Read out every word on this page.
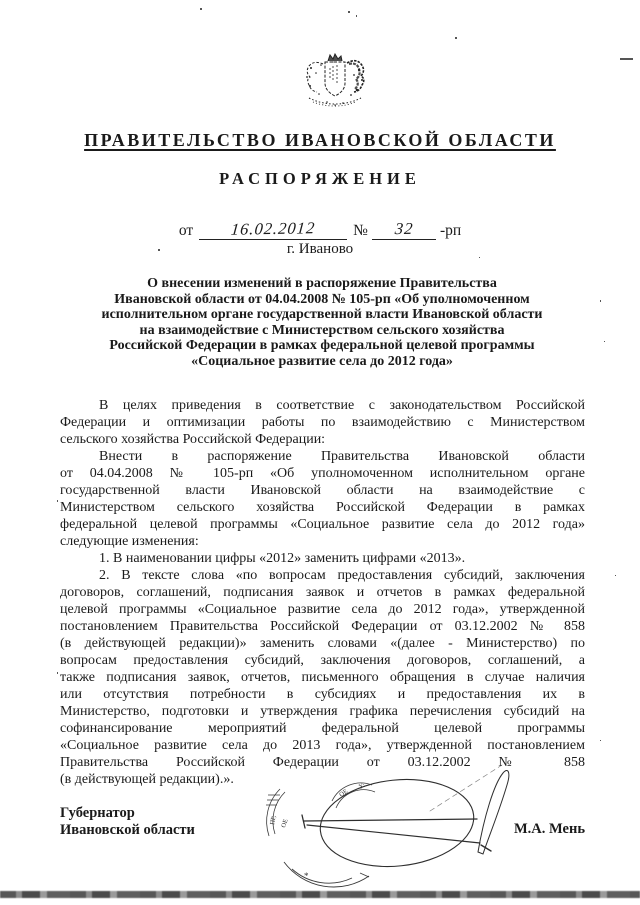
ПРАВИТЕЛЬСТВО ИВАНОВСКОЙ ОБЛАСТИ
РАСПОРЯЖЕНИЕ
от 16.02.2012 № 32 -рп
г. Иваново
О внесении изменений в распоряжение Правительства
Ивановской области от 04.04.2008 № 105-рп «Об уполномоченном
исполнительном органе государственной власти Ивановской области
на взаимодействие с Министерством сельского хозяйства
Российской Федерации в рамках федеральной целевой программы
«Социальное развитие села до 2012 года»
В целях приведения в соответствие с законодательством Российской
Федерации и оптимизации работы по взаимодействию с Министерством
сельского хозяйства Российской Федерации:
Внести в распоряжение Правительства Ивановской области
от 04.04.2008 № 105-рп «Об уполномоченном исполнительном органе
государственной власти Ивановской области на взаимодействие с
Министерством сельского хозяйства Российской Федерации в рамках
федеральной целевой программы «Социальное развитие села до 2012 года»
следующие изменения:
1. В наименовании цифры «2012» заменить цифрами «2013».
2. В тексте слова «по вопросам предоставления субсидий, заключения
договоров, соглашений, подписания заявок и отчетов в рамках федеральной
целевой программы «Социальное развитие села до 2012 года», утвержденной
постановлением Правительства Российской Федерации от 03.12.2002 № 858
(в действующей редакции)» заменить словами «(далее - Министерство) по
вопросам предоставления субсидий, заключения договоров, соглашений, а
также подписания заявок, отчетов, письменного обращения в случае наличия
или отсутствия потребности в субсидиях и предоставления их в
Министерство, подготовки и утверждения графика перечисления субсидий на
софинансирование мероприятий федеральной целевой программы
«Социальное развитие села до 2013 года», утвержденной постановлением
Правительства Российской Федерации от 03.12.2002 № 858
(в действующей редакции).».
Губернатор
Ивановской области	М.А. Мень
ПР, ОЕ
ОЕ
У:
*
